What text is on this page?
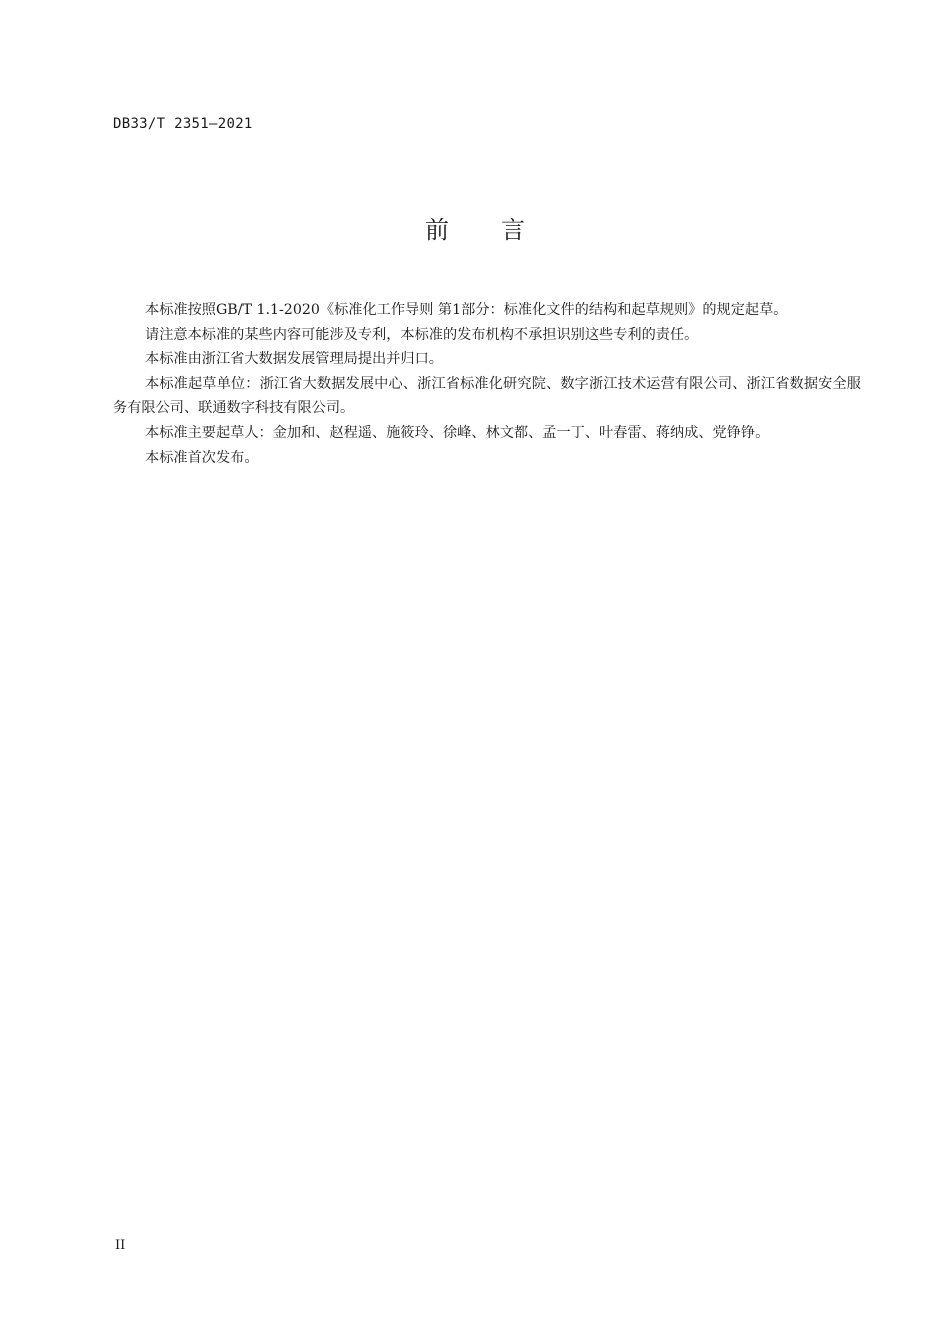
DB33/T 2351—2021
前 言

本标准按照GB/T 1.1-2020《标准化工作导则 第1部分：标准化文件的结构和起草规则》的规定起草。

请注意本标准的某些内容可能涉及专利，本标准的发布机构不承担识别这些专利的责任。

本标准由浙江省大数据发展管理局提出并归口。

本标准起草单位：浙江省大数据发展中心、浙江省标准化研究院、数字浙江技术运营有限公司、浙江省数据安全服务有限公司、联通数字科技有限公司。

本标准主要起草人：金加和、赵程遥、施筱玲、徐峰、林文都、孟一丁、叶春雷、蒋纳成、党铮铮。

本标准首次发布。

II
